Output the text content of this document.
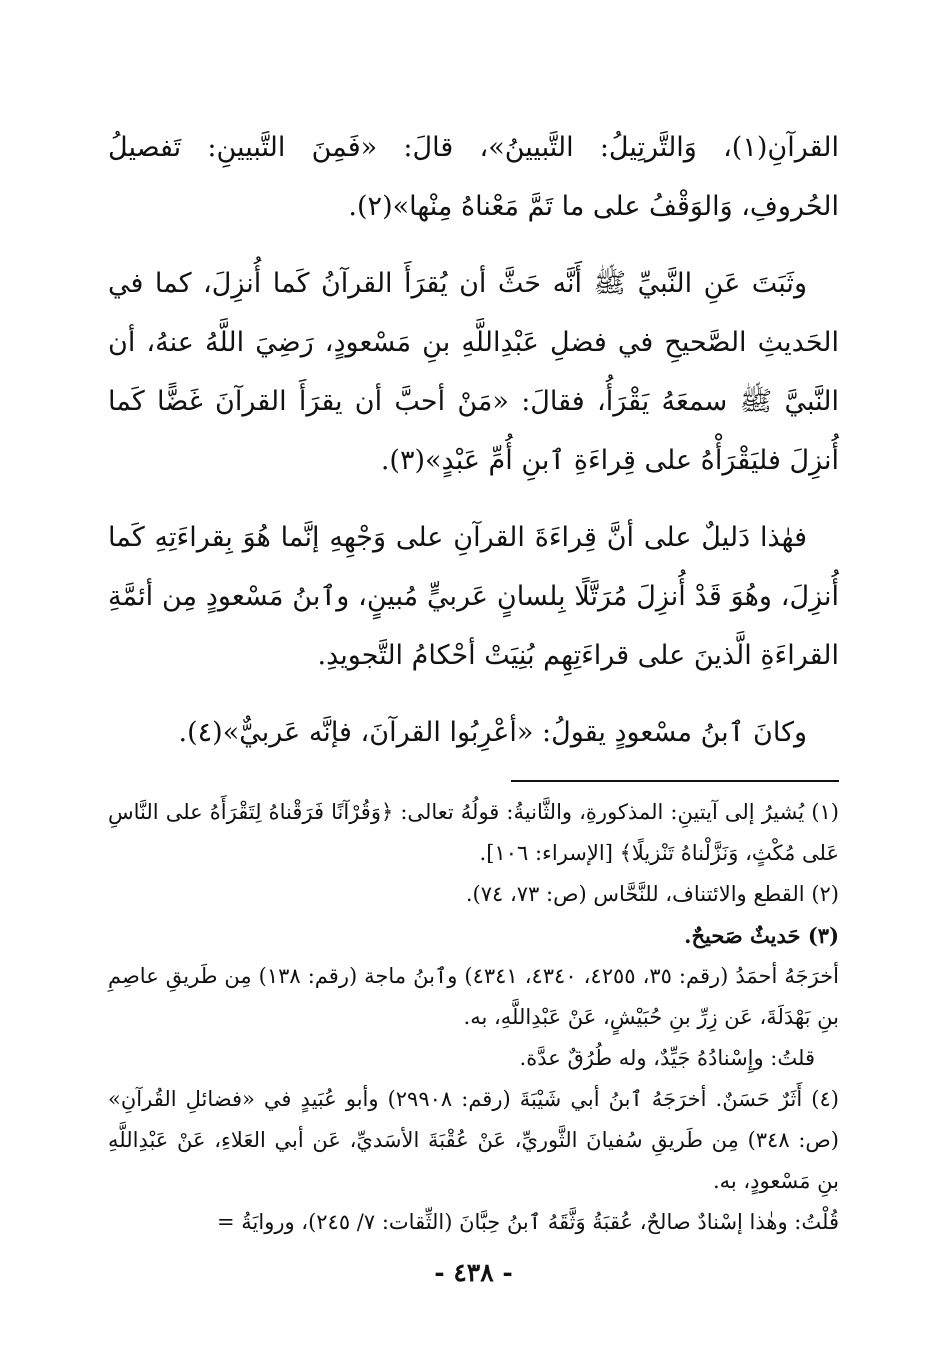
القرآنِ(١)، وَالتَّرتِيلُ: التَّبيينُ»، قالَ: «فَمِنَ التَّبيينِ: تَفصيلُ الحُروفِ، وَالوَقْفُ على ما تَمَّ مَعْناهُ مِنْها»(٢).

وثَبَتَ عَنِ النَّبيِّ ﷺ أَنَّه حَثَّ أن يُقرَأَ القرآنُ كَما أُنزِلَ، كما في الحَديثِ الصَّحيحِ في فضلِ عَبْدِاللَّهِ بنِ مَسْعودٍ، رَضِيَ اللَّهُ عنهُ، أن النَّبيَّ ﷺ سمعَهُ يَقْرَأُ، فقالَ: «مَنْ أحبَّ أن يقرَأَ القرآنَ غَضًّا كَما أُنزِلَ فليَقْرَأْهُ على قِراءَةِ ٱبنِ أُمِّ عَبْدٍ»(٣).

فهٰذا دَليلٌ على أنَّ قِراءَةَ القرآنِ على وَجْهِهِ إنَّما هُوَ بِقراءَتِهِ كَما أُنزِلَ، وهُوَ قَدْ أُنزِلَ مُرَتَّلًا بِلسانٍ عَربيٍّ مُبينٍ، وٱبنُ مَسْعودٍ مِن أئمَّةِ القراءَةِ الَّذينَ على قراءَتِهِم بُنِيَتْ أحْكامُ التَّجويدِ.

وكانَ ٱبنُ مسْعودٍ يقولُ: «أعْرِبُوا القرآنَ، فإنَّه عَربيٌّ»(٤).

(١) يُشيرُ إلى آيتينِ: المذكورةِ، والثَّانيةُ: قولُهُ تعالى: ﴿وَقُرْآنًا فَرَقْناهُ لِتَقْرَأَهُ على النَّاسِ عَلى مُكْثٍ، وَنَزَّلْناهُ تَنْزيلًا﴾ [الإسراء: ١٠٦].

(٢) القطع والائتناف، للنَّحَّاس (ص: ٧٣، ٧٤).

(٣) حَديثٌ صَحيحٌ.

أخرَجَهُ أحمَدُ (رقم: ٣٥، ٤٢٥٥، ٤٣٤٠، ٤٣٤١) وٱبنُ ماجة (رقم: ١٣٨) مِن طَريقِ عاصِمِ بنِ بَهْدَلَةَ، عَن زِرِّ بنِ حُبَيْشٍ، عَنْ عَبْدِاللَّهِ، به.

قلتُ: وإِسْنادُهُ جَيِّدٌ، وله طُرُقٌ عدَّة.

(٤) أَثَرٌ حَسَنٌ. أخرَجَهُ ٱبنُ أبي شَيْبَةَ (رقم: ٢٩٩٠٨) وأبو عُبَيدٍ في «فضائلِ القُرآنِ» (ص: ٣٤٨) مِن طَريقِ سُفيانَ الثَّوريِّ، عَنْ عُقْبَةَ الأسَديِّ، عَن أبي العَلاءِ، عَنْ عَبْدِاللَّهِ بنِ مَسْعودٍ، به.

قُلْتُ: وهٰذا إسْنادٌ صالحٌ، عُقبَةُ وَثَّقَهُ ٱبنُ حِبَّانَ (الثِّقات: ٧/ ٢٤٥)، وروايَةُ =

- ٤٣٨ -
